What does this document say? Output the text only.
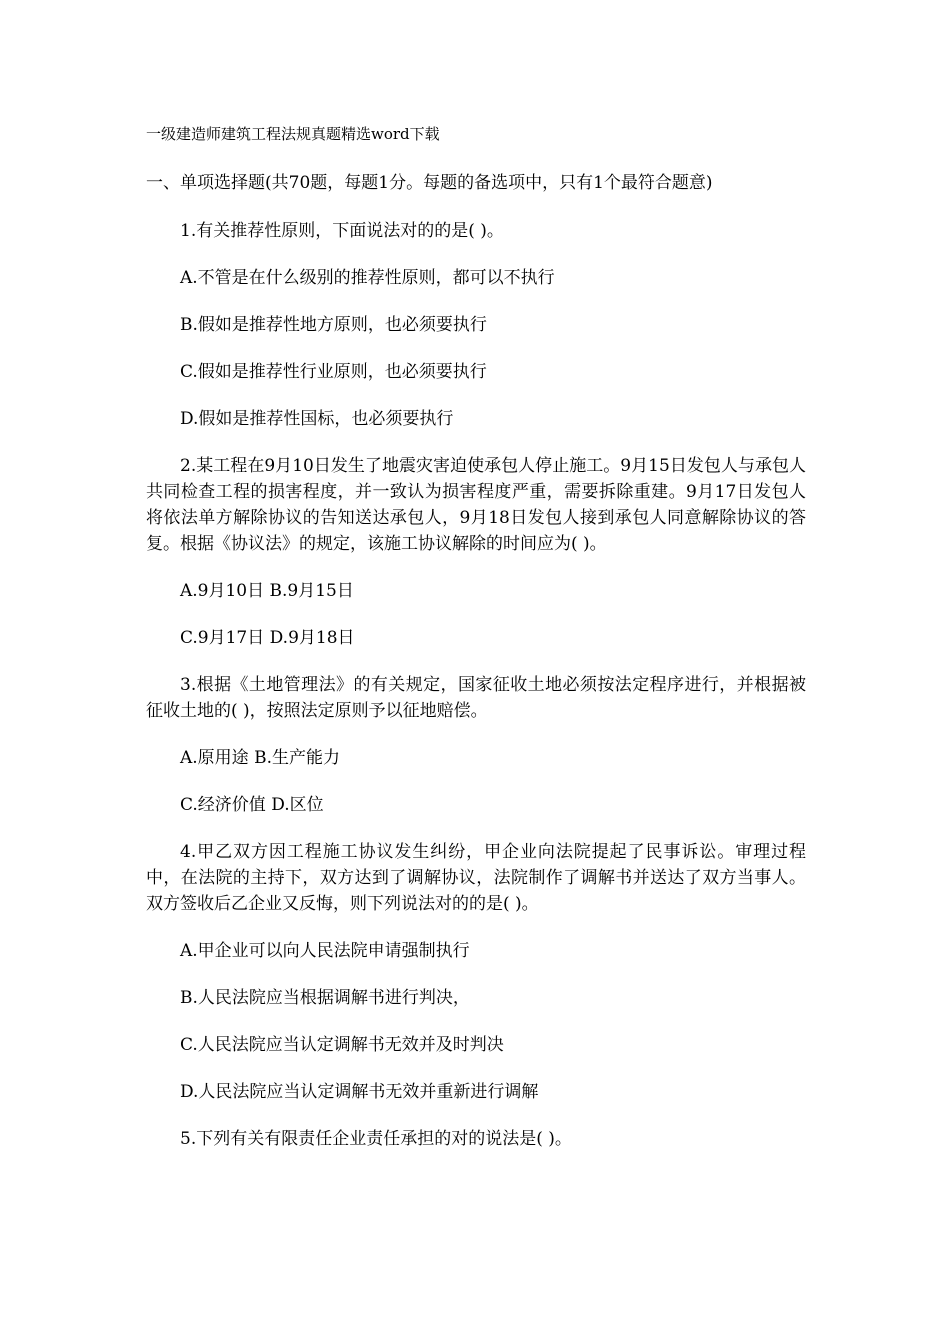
一级建造师建筑工程法规真题精选word下载
一、单项选择题(共70题，每题1分。每题的备选项中，只有1个最符合题意)

1.有关推荐性原则，下面说法对的的是( )。

A.不管是在什么级别的推荐性原则，都可以不执行

B.假如是推荐性地方原则，也必须要执行

C.假如是推荐性行业原则，也必须要执行

D.假如是推荐性国标，也必须要执行

2.某工程在9月10日发生了地震灾害迫使承包人停止施工。9月15日发包人与承包人共同检查工程的损害程度，并一致认为损害程度严重，需要拆除重建。9月17日发包人将依法单方解除协议的告知送达承包人，9月18日发包人接到承包人同意解除协议的答复。根据《协议法》的规定，该施工协议解除的时间应为( )。

A.9月10日 B.9月15日

C.9月17日 D.9月18日

3.根据《土地管理法》的有关规定，国家征收土地必须按法定程序进行，并根据被征收土地的( )，按照法定原则予以征地赔偿。

A.原用途 B.生产能力

C.经济价值 D.区位

4.甲乙双方因工程施工协议发生纠纷，甲企业向法院提起了民事诉讼。审理过程中，在法院的主持下，双方达到了调解协议，法院制作了调解书并送达了双方当事人。双方签收后乙企业又反悔，则下列说法对的的是( )。

A.甲企业可以向人民法院申请强制执行

B.人民法院应当根据调解书进行判决，

C.人民法院应当认定调解书无效并及时判决

D.人民法院应当认定调解书无效并重新进行调解

5.下列有关有限责任企业责任承担的对的说法是( )。
